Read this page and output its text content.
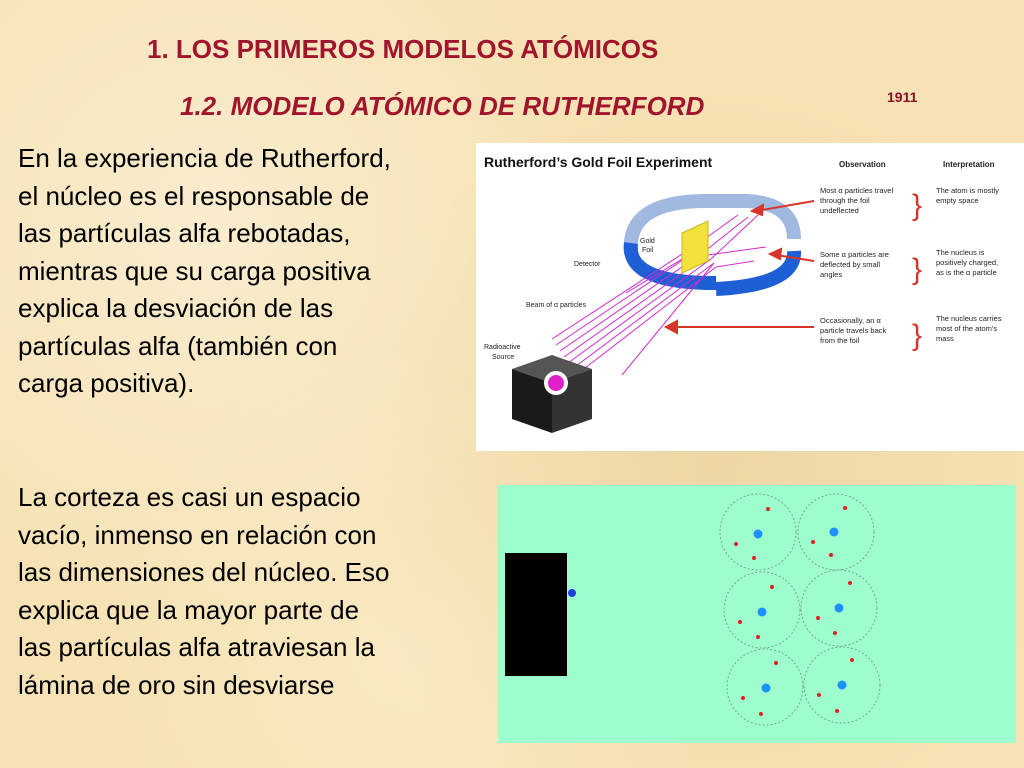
1. LOS PRIMEROS MODELOS ATÓMICOS
1.2. MODELO ATÓMICO DE RUTHERFORD	1911
En la experiencia de Rutherford,
el núcleo es el responsable de
las partículas alfa rebotadas,
mientras que su carga positiva
explica la desviación de las
partículas alfa (también con
carga positiva).
La corteza es casi un espacio
vacío, inmenso en relación con
las dimensiones del núcleo. Eso
explica que la mayor parte de
las partículas alfa atraviesan la
lámina de oro sin desviarse
Rutherford’s Gold Foil Experiment	Observation	Interpretation
Gold
Foil
Detector
Beam of α particles
Radioactive
Source
Most α particles travel
through the foil
undeflected
Some α particles are
deflected by small
angles
Occasionally, an α
particle travels back
from the foil
}
}
}
The atom is mostly
empty space
The nucleus is
positively charged,
as is the α particle
The nucleus carries
most of the atom’s
mass
